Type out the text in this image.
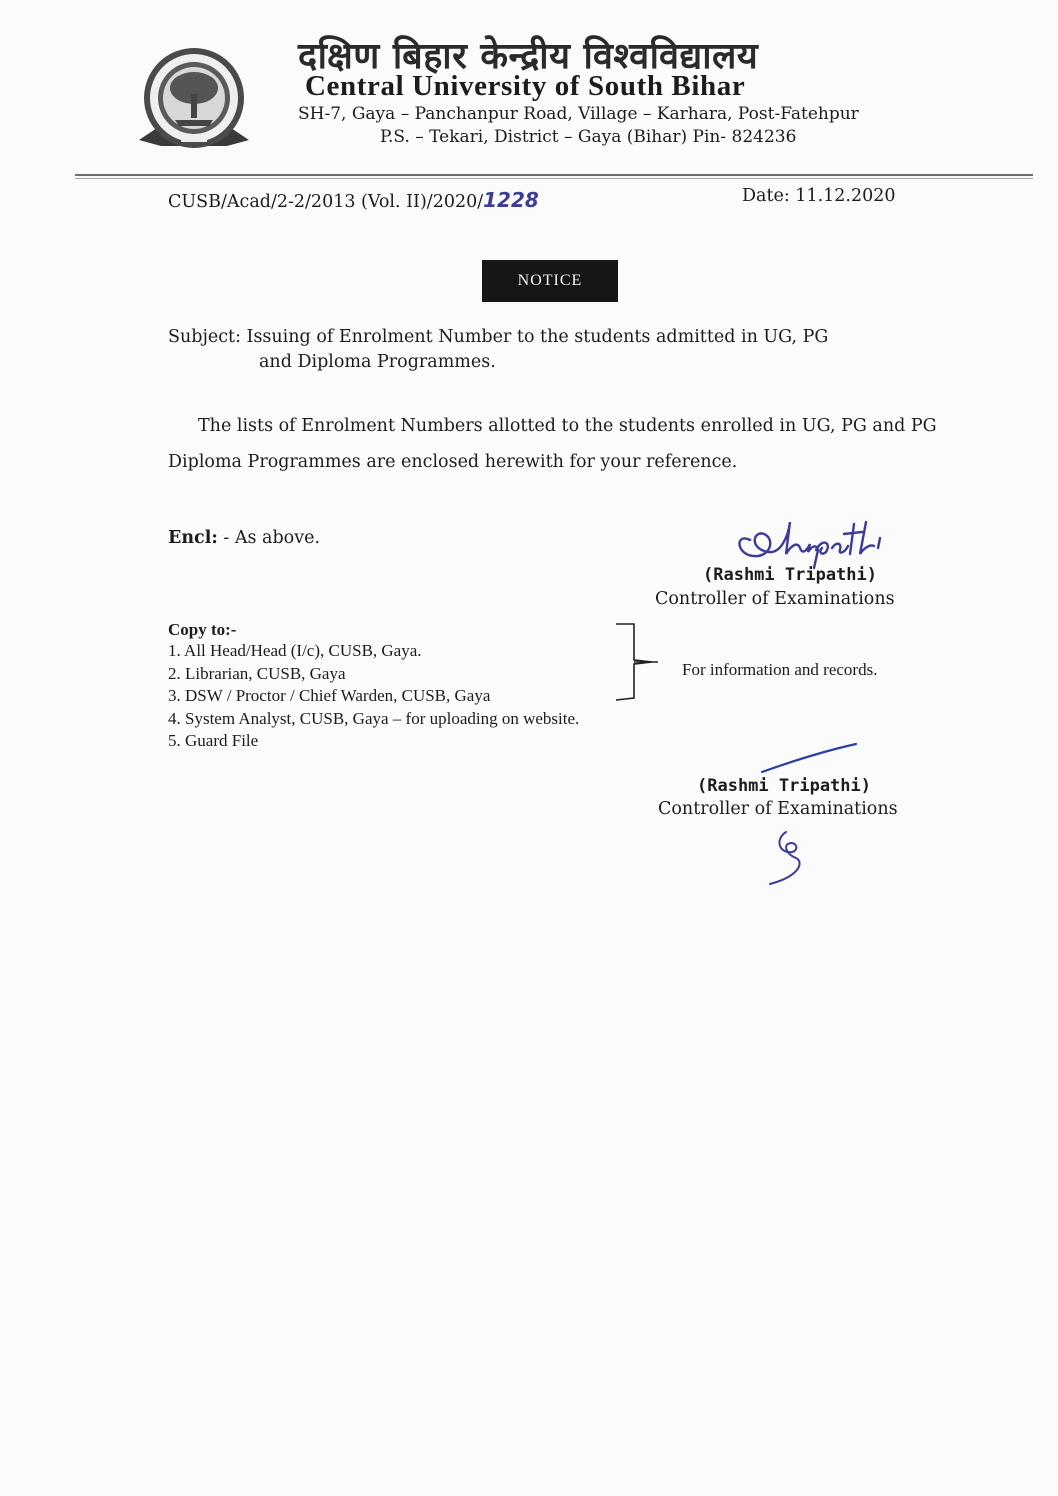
दक्षिण बिहार केन्द्रीय विश्वविद्यालय
Central University of South Bihar
SH-7, Gaya – Panchanpur Road, Village – Karhara, Post-Fatehpur
P.S. – Tekari, District – Gaya (Bihar) Pin- 824236
CUSB/Acad/2-2/2013 (Vol. II)/2020/1228	Date: 11.12.2020
NOTICE
Subject: Issuing of Enrolment Number to the students admitted in UG, PG
and Diploma Programmes.
The lists of Enrolment Numbers allotted to the students enrolled in UG, PG and PG Diploma Programmes are enclosed herewith for your reference.
Encl: - As above.
(Rashmi Tripathi)
Controller of Examinations
Copy to:-
1. All Head/Head (I/c), CUSB, Gaya.
2. Librarian, CUSB, Gaya
3. DSW / Proctor / Chief Warden, CUSB, Gaya
4. System Analyst, CUSB, Gaya – for uploading on website.
5. Guard File
For information and records.
(Rashmi Tripathi)
Controller of Examinations
